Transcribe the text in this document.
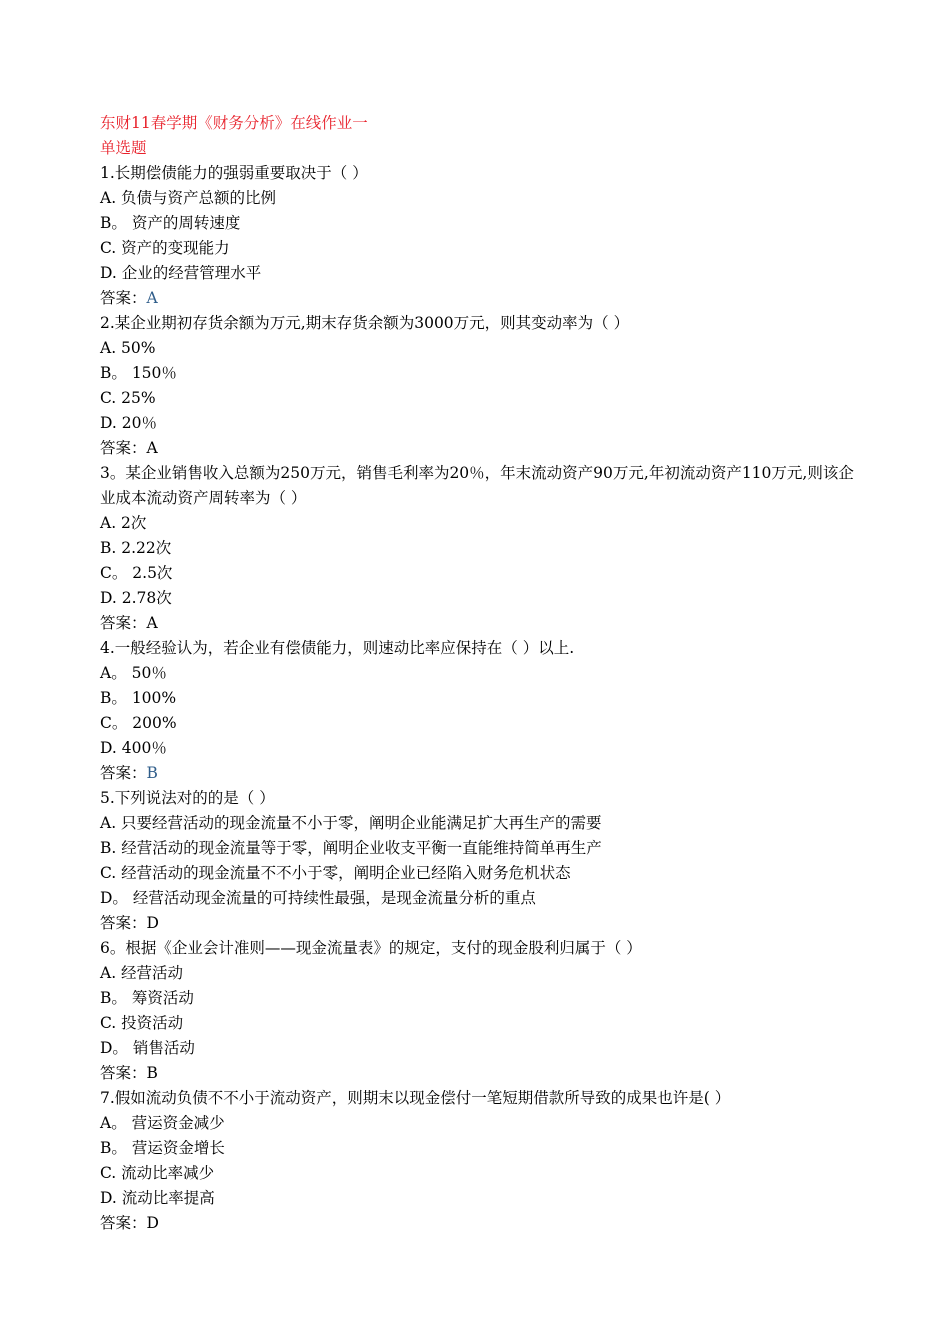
东财11春学期《财务分析》在线作业一
单选题
1.长期偿债能力的强弱重要取决于（ ）
A. 负债与资产总额的比例
B。 资产的周转速度
C. 资产的变现能力
D. 企业的经营管理水平
答案：A
2.某企业期初存货余额为万元,期末存货余额为3000万元，则其变动率为（ ）
A. 50%
B。 150％
C. 25%
D. 20％
答案：A
3。某企业销售收入总额为250万元，销售毛利率为20％，年末流动资产90万元,年初流动资产110万元,则该企业成本流动资产周转率为（ ）
A. 2次
B. 2.22次
C。 2.5次
D. 2.78次
答案：A
4.一般经验认为，若企业有偿债能力，则速动比率应保持在（ ）以上.
A。 50％
B。 100%
C。 200%
D. 400％
答案：B
5.下列说法对的的是（ ）
A. 只要经营活动的现金流量不小于零，阐明企业能满足扩大再生产的需要
B. 经营活动的现金流量等于零，阐明企业收支平衡一直能维持简单再生产
C. 经营活动的现金流量不不小于零，阐明企业已经陷入财务危机状态
D。 经营活动现金流量的可持续性最强，是现金流量分析的重点
答案：D
6。根据《企业会计准则——现金流量表》的规定，支付的现金股利归属于（ ）
A. 经营活动
B。 筹资活动
C. 投资活动
D。 销售活动
答案：B
7.假如流动负债不不小于流动资产，则期末以现金偿付一笔短期借款所导致的成果也许是( ）
A。 营运资金减少
B。 营运资金增长
C. 流动比率减少
D. 流动比率提高
答案：D
